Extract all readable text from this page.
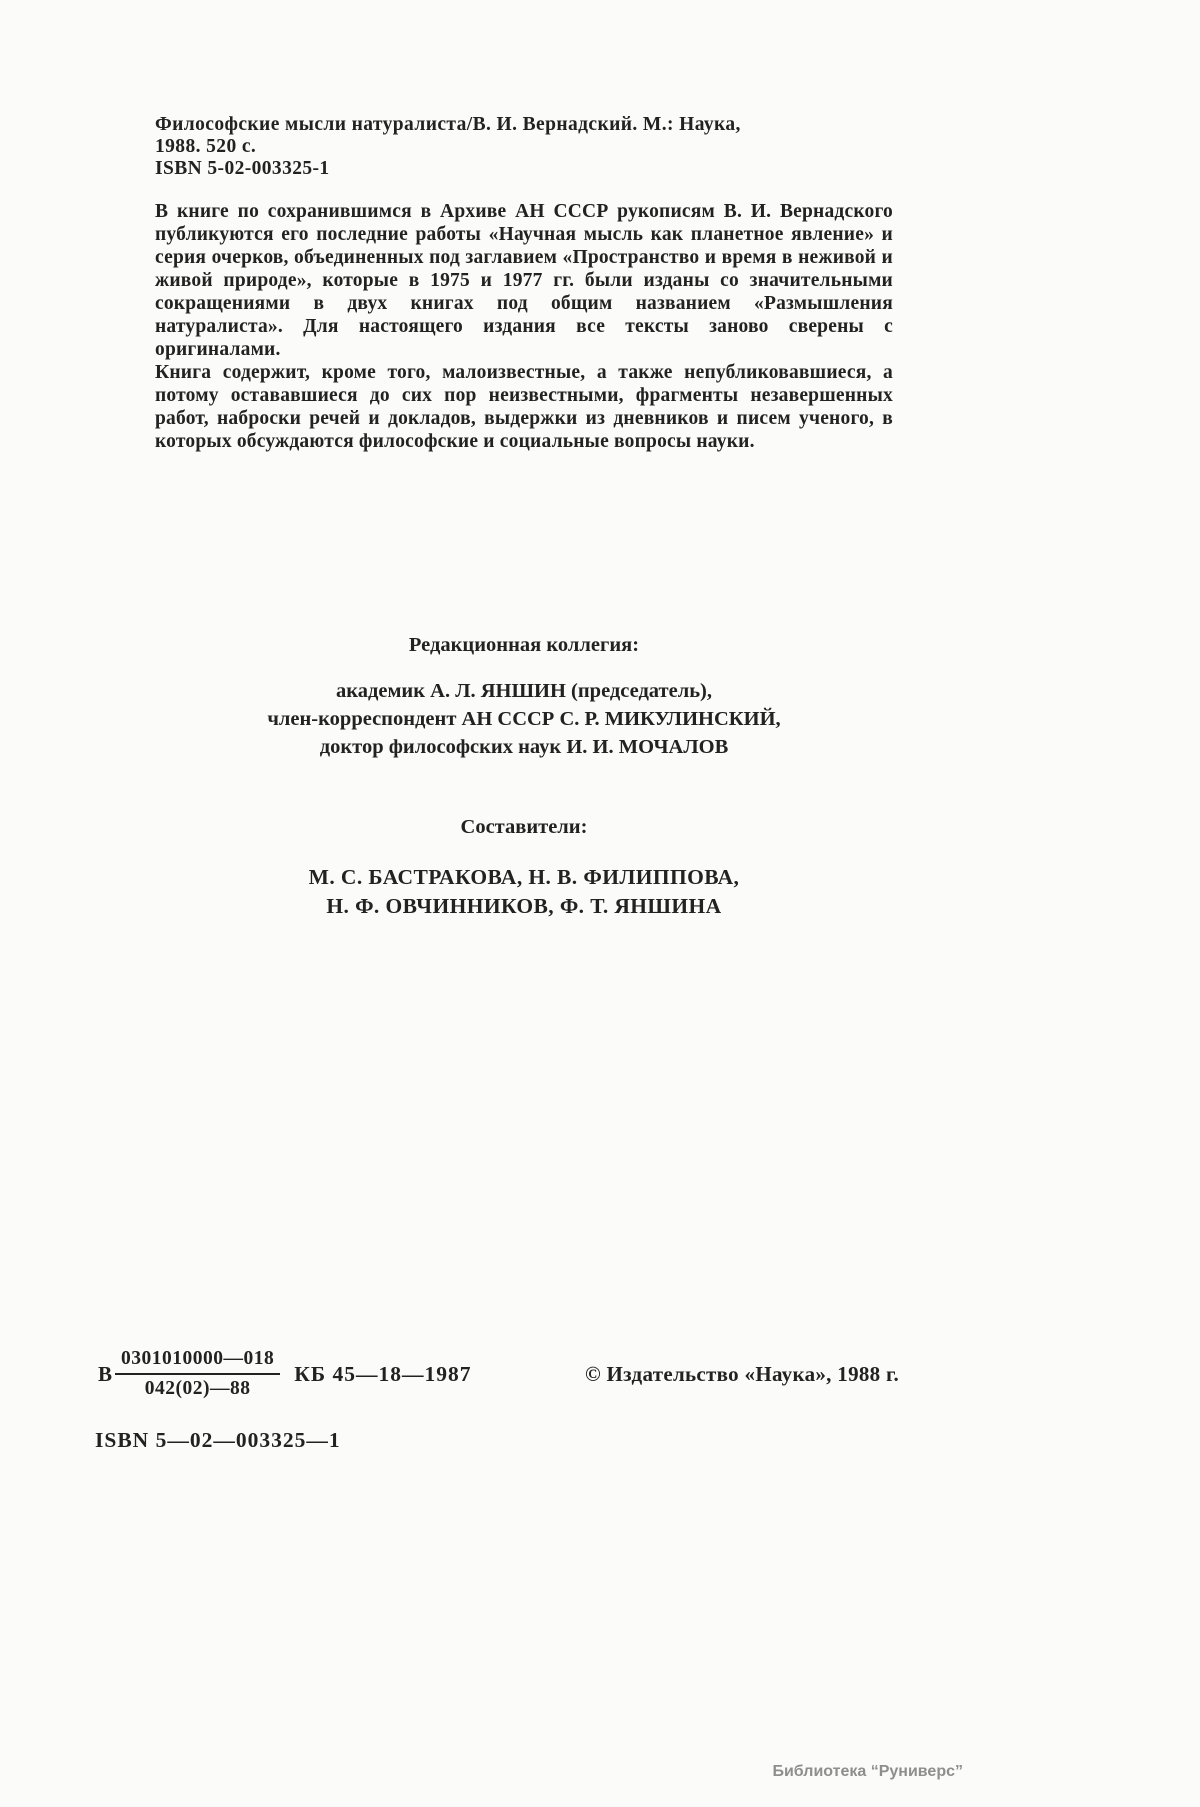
Философские мысли натуралиста/В. И. Вернадский. М.: Наука,
1988. 520 с.
ISBN 5-02-003325-1

В книге по сохранившимся в Архиве АН СССР рукописям В. И. Вернадского публикуются его последние работы «Научная мысль как планетное явление» и серия очерков, объединенных под заглавием «Пространство и время в неживой и живой природе», которые в 1975 и 1977 гг. были изданы со значительными сокращениями в двух книгах под общим названием «Размышления натуралиста». Для настоящего издания все тексты заново сверены с оригиналами.

Книга содержит, кроме того, малоизвестные, а также непубликовавшиеся, а потому остававшиеся до сих пор неизвестными, фрагменты незавершенных работ, наброски речей и докладов, выдержки из дневников и писем ученого, в которых обсуждаются философские и социальные вопросы науки.

Редакционная коллегия:
академик А. Л. ЯНШИН (председатель),
член-корреспондент АН СССР С. Р. МИКУЛИНСКИЙ,
доктор философских наук И. И. МОЧАЛОВ
Составители:
М. С. БАСТРАКОВА, Н. В. ФИЛИППОВА,
Н. Ф. ОВЧИННИКОВ, Ф. Т. ЯНШИНА
В $\frac{0301010000—018}{042(02)—88}$ КБ 45—18—1987	© Издательство «Наука», 1988 г.
ISBN 5—02—003325—1
Библиотека “Руниверс”
